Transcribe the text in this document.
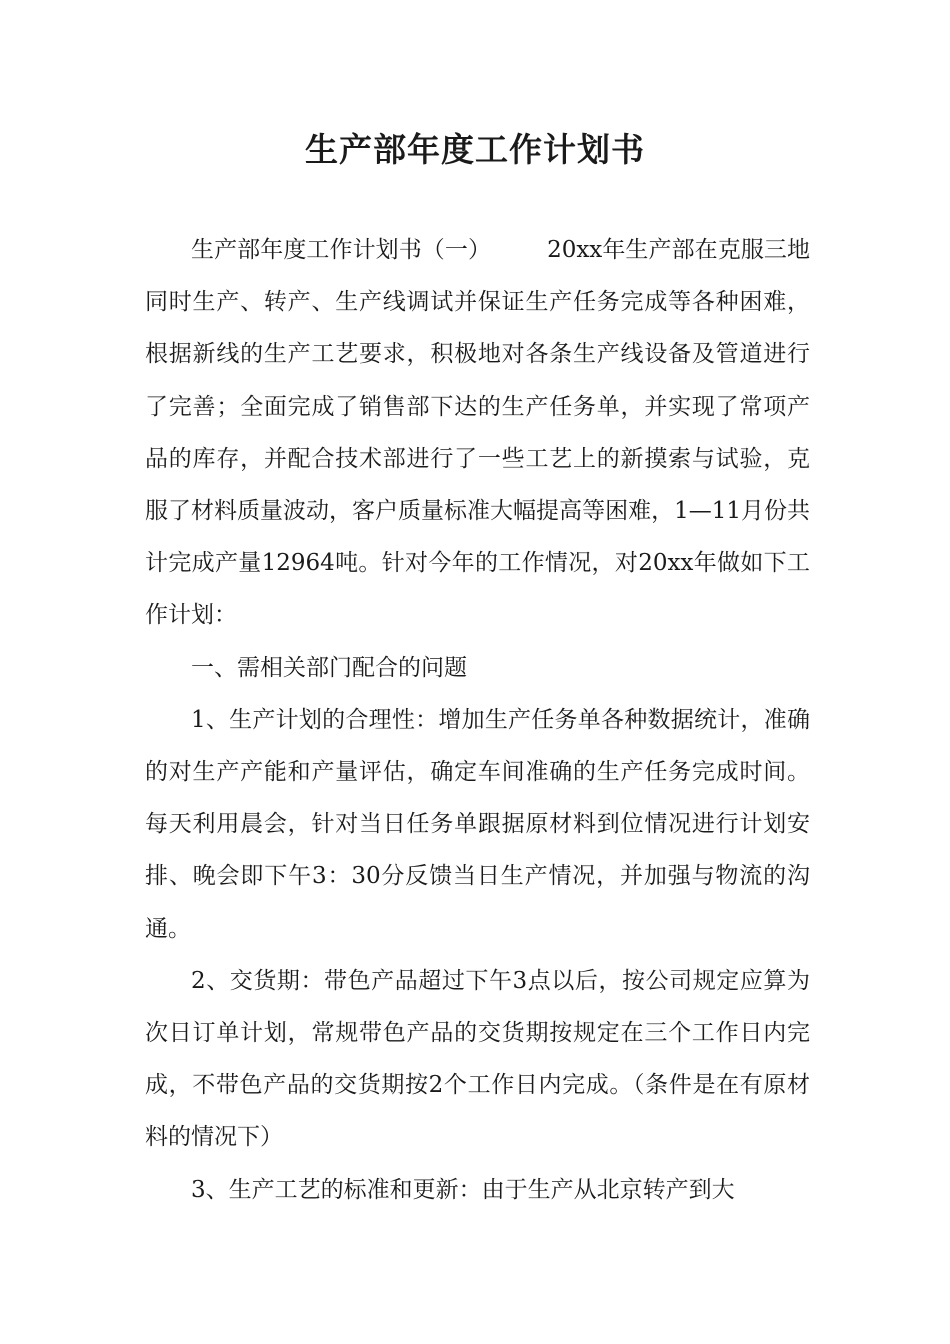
生产部年度工作计划书

生产部年度工作计划书（一） 20xx年生产部在克服三地同时生产、转产、生产线调试并保证生产任务完成等各种困难，根据新线的生产工艺要求，积极地对各条生产线设备及管道进行了完善；全面完成了销售部下达的生产任务单，并实现了常项产品的库存，并配合技术部进行了一些工艺上的新摸索与试验，克服了材料质量波动，客户质量标准大幅提高等困难，1—11月份共计完成产量12964吨。针对今年的工作情况，对20xx年做如下工作计划：

一、需相关部门配合的问题

1、生产计划的合理性：增加生产任务单各种数据统计，准确的对生产产能和产量评估，确定车间准确的生产任务完成时间。每天利用晨会，针对当日任务单跟据原材料到位情况进行计划安排、晚会即下午3：30分反馈当日生产情况，并加强与物流的沟通。

2、交货期：带色产品超过下午3点以后，按公司规定应算为次日订单计划，常规带色产品的交货期按规定在三个工作日内完成，不带色产品的交货期按2个工作日内完成。（条件是在有原材料的情况下）

3、生产工艺的标准和更新：由于生产从北京转产到大
